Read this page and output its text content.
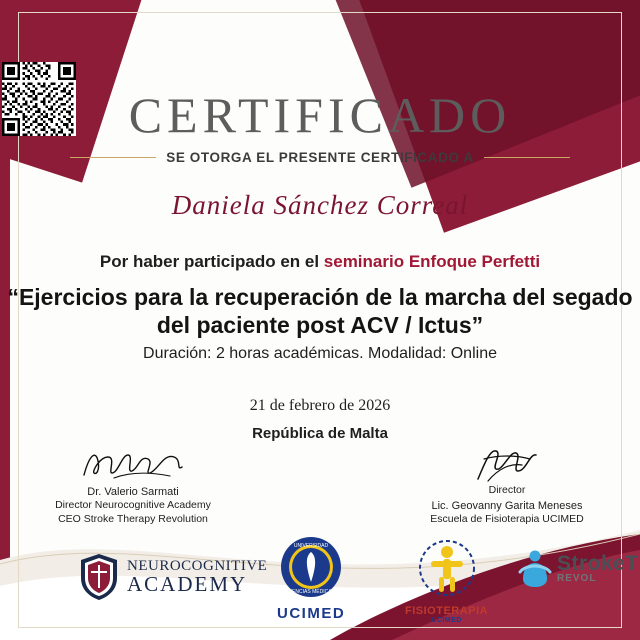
CERTIFICADO
SE OTORGA EL PRESENTE CERTIFICADO A
Daniela Sánchez Correal
Por haber participado en el seminario Enfoque Perfetti
“Ejercicios para la recuperación de la marcha del segado
del paciente post ACV / Ictus”
Duración: 2 horas académicas. Modalidad: Online
21 de febrero de 2026
República de Malta
Dr. Valerio Sarmati
Director Neurocognitive Academy
CEO Stroke Therapy Revolution
Director
Lic. Geovanny Garita Meneses
Escuela de Fisioterapia UCIMED
NEUROCOGNITIVE
ACADEMY
UNIVERSIDAD
CIENCIAS MÉDICAS
UCIMED	FISIOTERAPIA
UCIMED
StrokeT
REVOL
